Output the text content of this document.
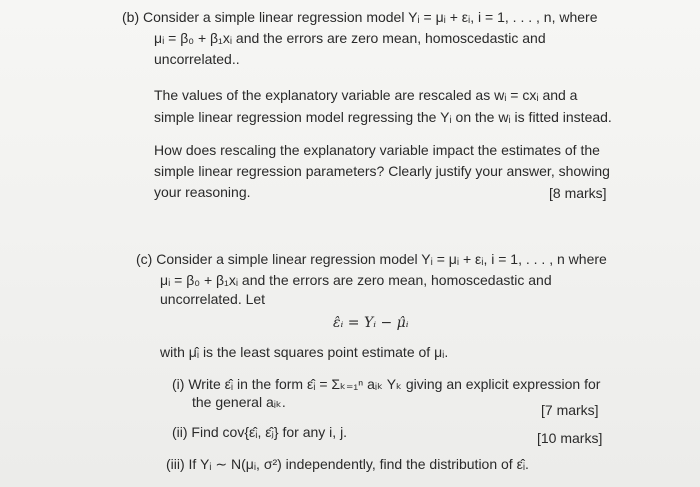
(b) Consider a simple linear regression model Yᵢ = μᵢ + εᵢ, i = 1, . . . , n, where
μᵢ = β₀ + β₁xᵢ and the errors are zero mean, homoscedastic and
uncorrelated..
The values of the explanatory variable are rescaled as wᵢ = cxᵢ and a
simple linear regression model regressing the Yᵢ on the wᵢ is fitted instead.
How does rescaling the explanatory variable impact the estimates of the
simple linear regression parameters? Clearly justify your answer, showing
your reasoning.	[8 marks]
(c) Consider a simple linear regression model Yᵢ = μᵢ + εᵢ, i = 1, . . . , n where
μᵢ = β₀ + β₁xᵢ and the errors are zero mean, homoscedastic and
uncorrelated. Let
ε̂ᵢ = Yᵢ − μ̂ᵢ
with μ̂ᵢ is the least squares point estimate of μᵢ.
(i) Write ε̂ᵢ in the form ε̂ᵢ = Σₖ₌₁ⁿ aᵢₖ Yₖ giving an explicit expression for
the general aᵢₖ.	[7 marks]
(ii) Find cov{ε̂ᵢ, ε̂ⱼ} for any i, j.	[10 marks]
(iii) If Yᵢ ∼ N(μᵢ, σ²) independently, find the distribution of ε̂ᵢ.
